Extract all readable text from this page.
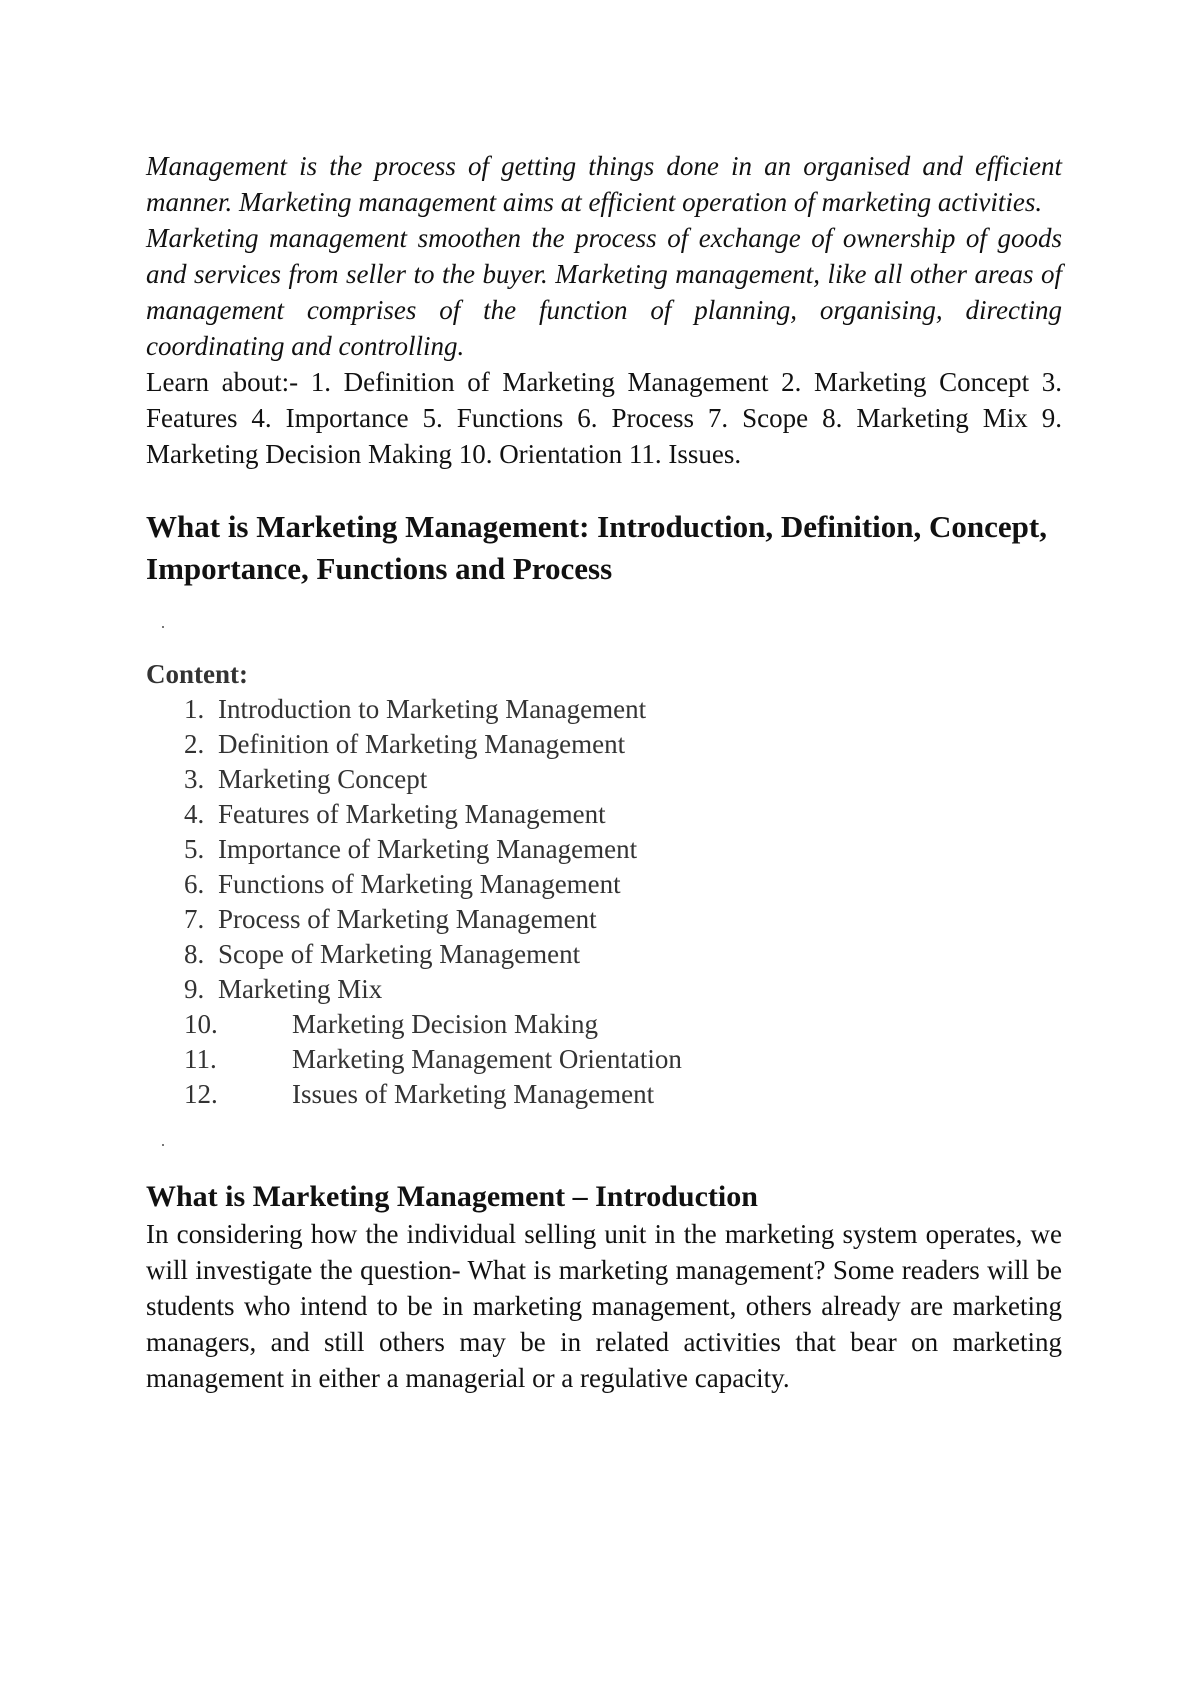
Management is the process of getting things done in an organised and efficient manner. Marketing management aims at efficient operation of marketing activities.

Marketing management smoothen the process of exchange of ownership of goods and services from seller to the buyer. Marketing management, like all other areas of management comprises of the function of planning, organising, directing coordinating and controlling.

Learn about:- 1. Definition of Marketing Management 2. Marketing Concept 3. Features 4. Importance 5. Functions 6. Process 7. Scope 8. Marketing Mix 9. Marketing Decision Making 10. Orientation 11. Issues.

What is Marketing Management: Introduction, Definition, Concept, Importance, Functions and Process
Content:
1. Introduction to Marketing Management
2. Definition of Marketing Management
3. Marketing Concept
4. Features of Marketing Management
5. Importance of Marketing Management
6. Functions of Marketing Management
7. Process of Marketing Management
8. Scope of Marketing Management
9. Marketing Mix
10.	Marketing Decision Making
11.	Marketing Management Orientation
12.	Issues of Marketing Management
What is Marketing Management – Introduction

In considering how the individual selling unit in the marketing system operates, we will investigate the question- What is marketing management? Some readers will be students who intend to be in marketing management, others already are marketing managers, and still others may be in related activities that bear on marketing management in either a managerial or a regulative capacity.
